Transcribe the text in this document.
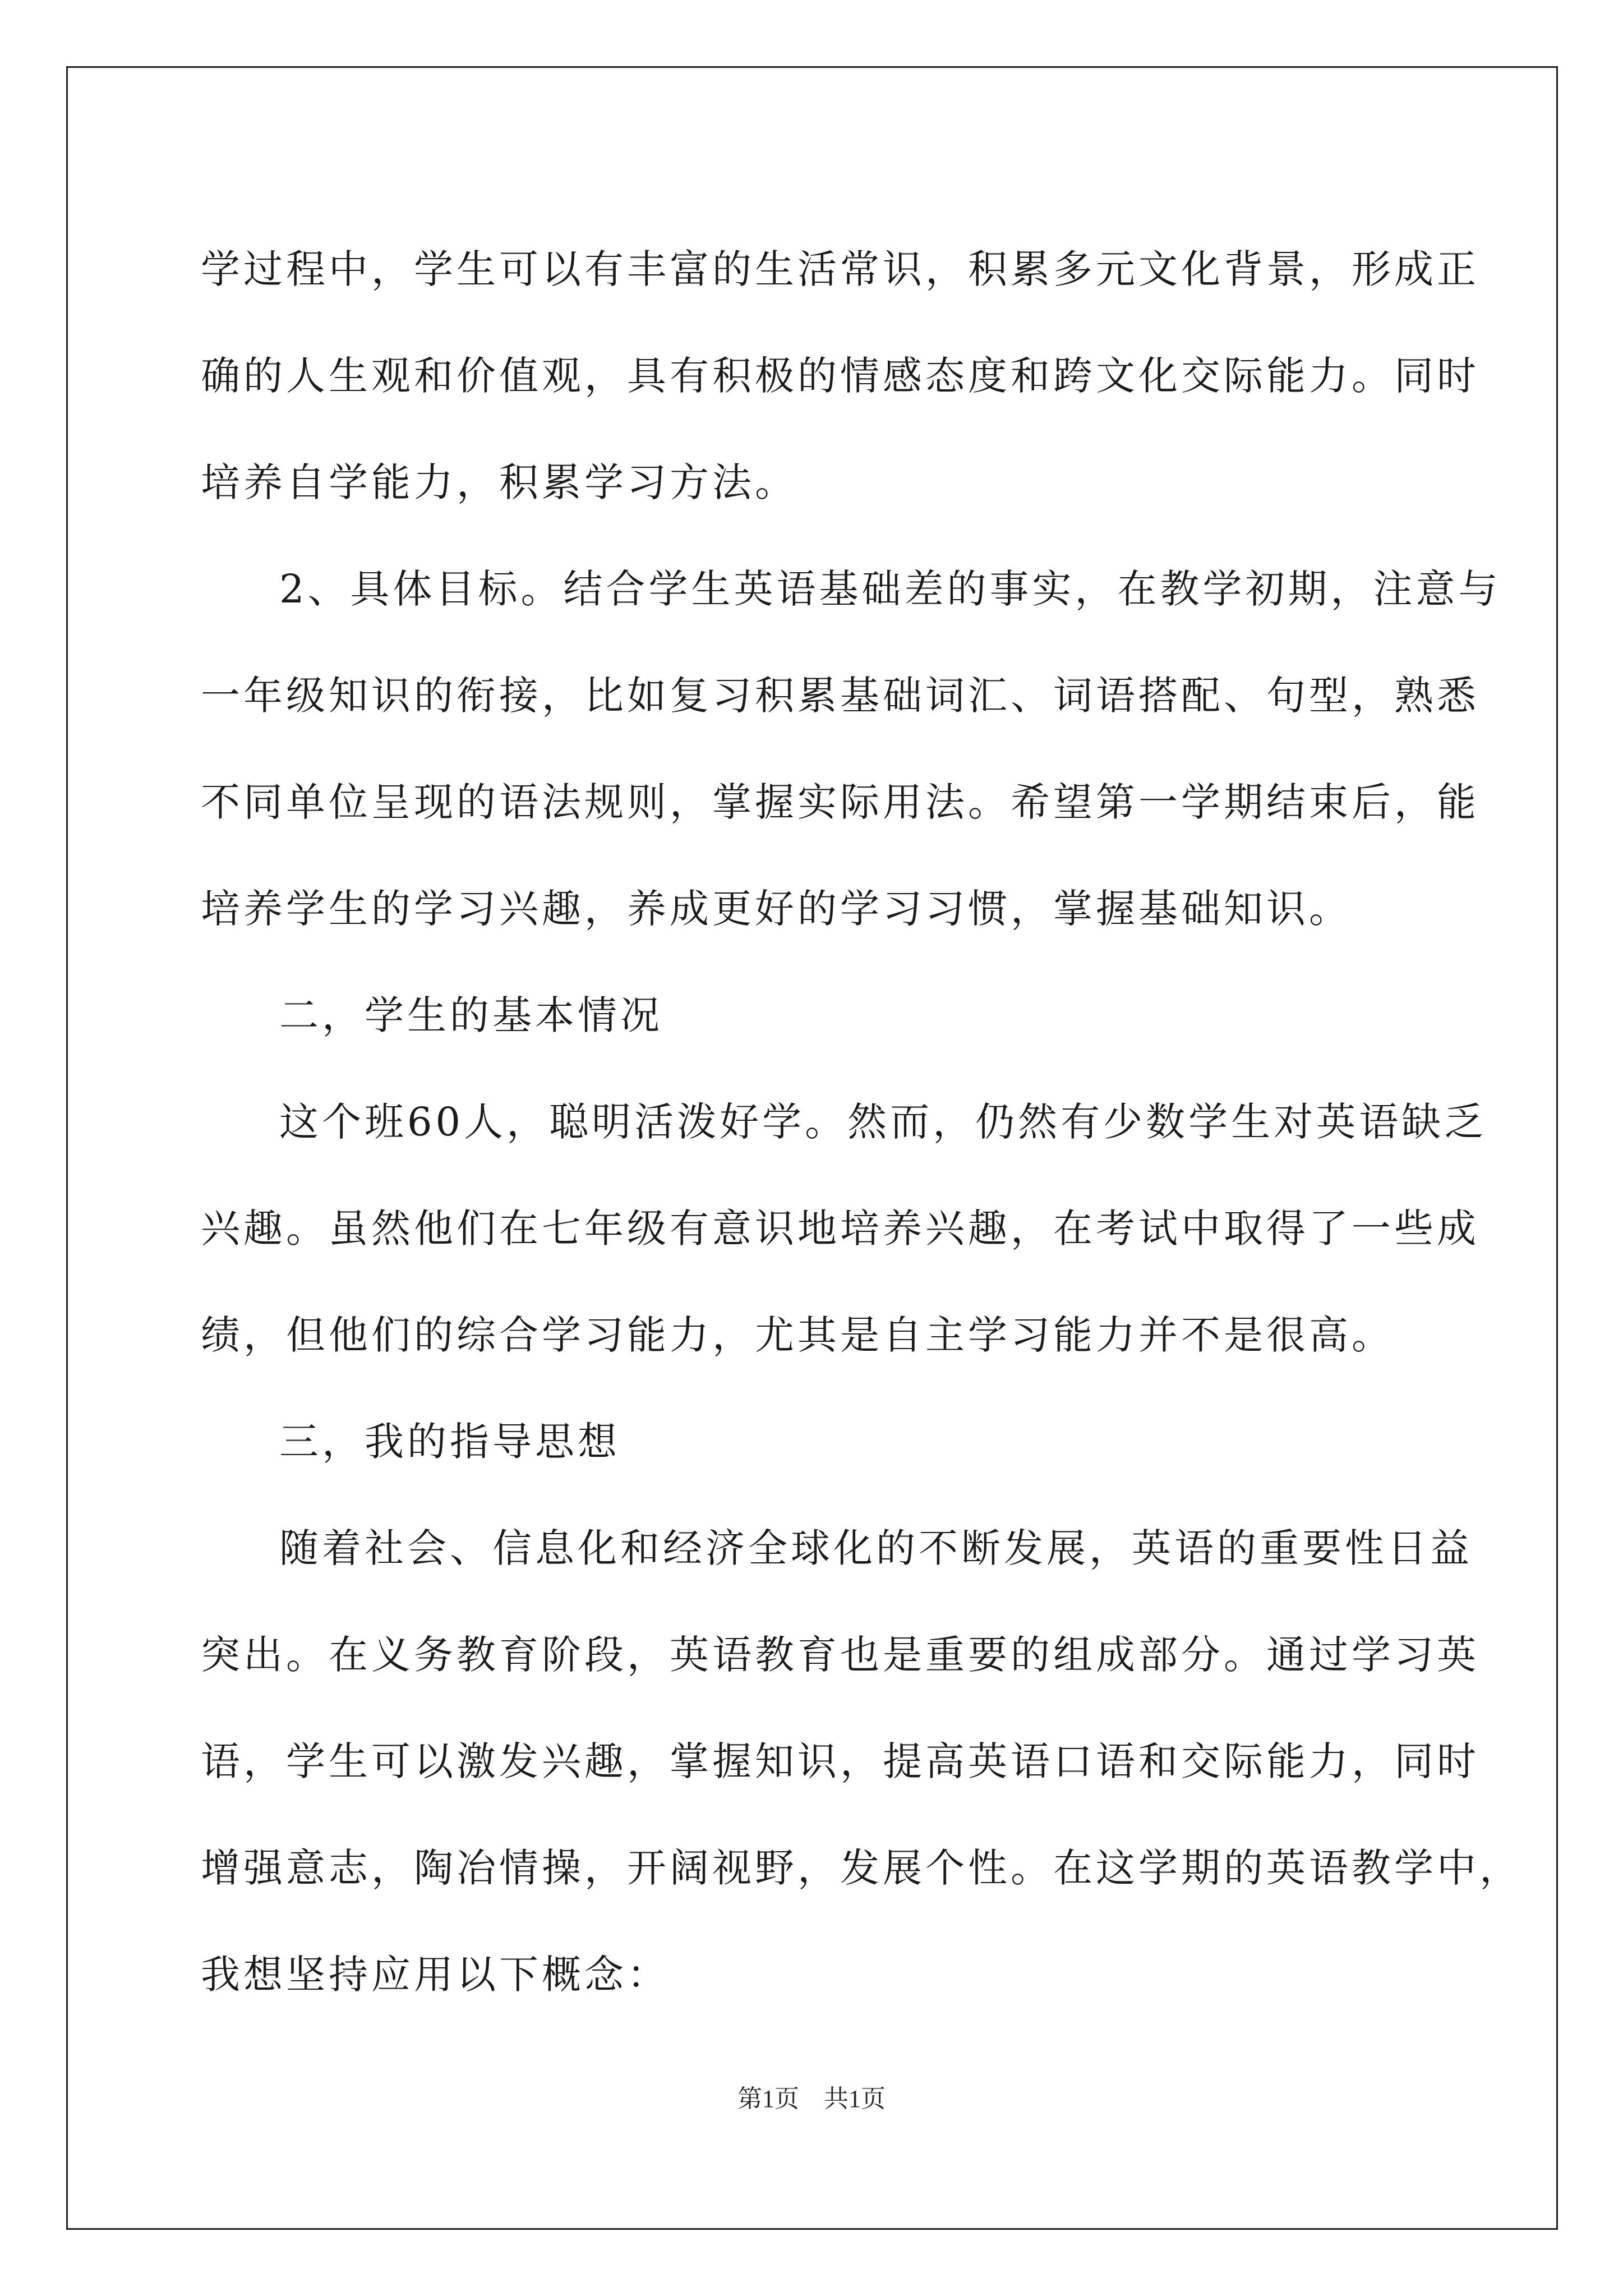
学过程中，学生可以有丰富的生活常识，积累多元文化背景，形成正
确的人生观和价值观，具有积极的情感态度和跨文化交际能力。同时
培养自学能力，积累学习方法。
2、具体目标。结合学生英语基础差的事实，在教学初期，注意与
一年级知识的衔接，比如复习积累基础词汇、词语搭配、句型，熟悉
不同单位呈现的语法规则，掌握实际用法。希望第一学期结束后，能
培养学生的学习兴趣，养成更好的学习习惯，掌握基础知识。
二，学生的基本情况
这个班60人，聪明活泼好学。然而，仍然有少数学生对英语缺乏
兴趣。虽然他们在七年级有意识地培养兴趣，在考试中取得了一些成
绩，但他们的综合学习能力，尤其是自主学习能力并不是很高。
三，我的指导思想
随着社会、信息化和经济全球化的不断发展，英语的重要性日益
突出。在义务教育阶段，英语教育也是重要的组成部分。通过学习英
语，学生可以激发兴趣，掌握知识，提高英语口语和交际能力，同时
增强意志，陶冶情操，开阔视野，发展个性。在这学期的英语教学中，
我想坚持应用以下概念：
第1页　共1页
